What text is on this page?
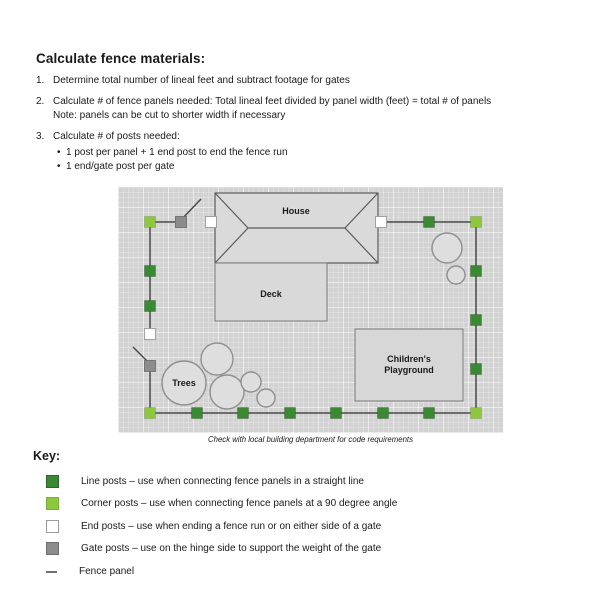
Calculate fence materials:
1. Determine total number of lineal feet and subtract footage for gates
2. Calculate # of fence panels needed: Total lineal feet divided by panel width (feet) = total # of panels
Note: panels can be cut to shorter width if necessary
3. Calculate # of posts needed:
• 1 post per panel + 1 end post to end the fence run
• 1 end/gate post per gate
House
Deck
Children's
Playground
Trees
Check with local building department for code requirements
Key:
Line posts – use when connecting fence panels in a straight line
Corner posts – use when connecting fence panels at a 90 degree angle
End posts – use when ending a fence run or on either side of a gate
Gate posts – use on the hinge side to support the weight of the gate
Fence panel
